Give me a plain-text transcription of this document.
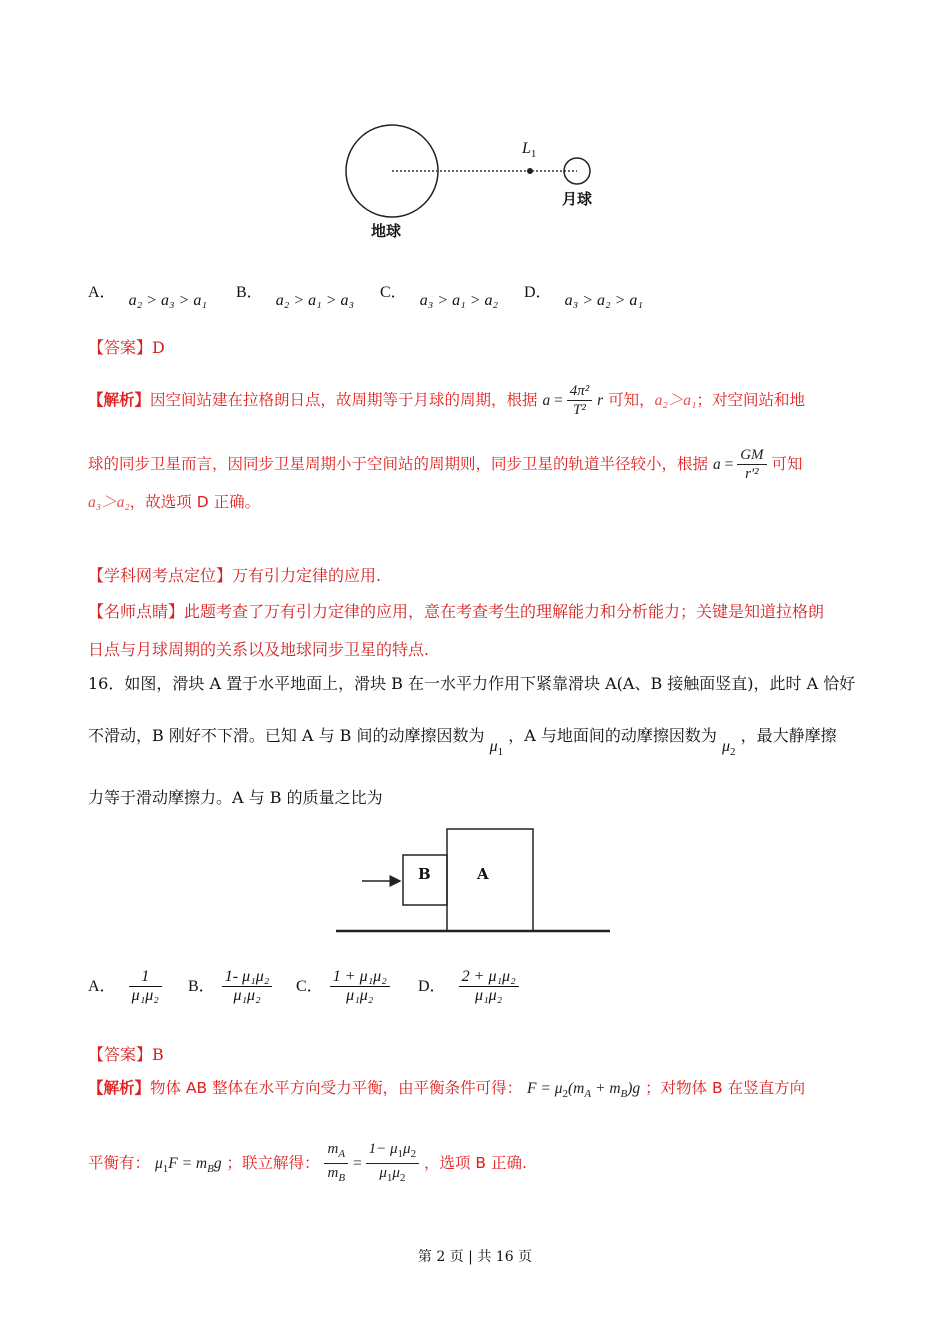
$L_1$
月球
地球
A． a₂ > a₃ > a₁ B． a₂ > a₁ > a₃ C． a₃ > a₁ > a₂ D． a₃ > a₂ > a₁
【答案】D
【解析】因空间站建在拉格朗日点，故周期等于月球的周期，根据 $a = \frac{\text{4π²}}{\text{T²}}$ r 可知，a₂＞a₁；对空间站和地
球的同步卫星而言，因同步卫星周期小于空间站的周期则，同步卫星的轨道半径较小，根据 $a = \frac{GM}{\text{r'²}}$ 可知
a₃＞a₂，故选项 D 正确。
【学科网考点定位】万有引力定律的应用.
【名师点睛】此题考查了万有引力定律的应用，意在考查考生的理解能力和分析能力；关键是知道拉格朗
日点与月球周期的关系以及地球同步卫星的特点.
16．如图，滑块 A 置于水平地面上，滑块 B 在一水平力作用下紧靠滑块 A(A、B 接触面竖直)，此时 A 恰好
不滑动，B 刚好不下滑。已知 A 与 B 间的动摩擦因数为 $\mu_1$ ，A 与地面间的动摩擦因数为 $\mu_2$ ，最大静摩擦
力等于滑动摩擦力。A 与 B 的质量之比为
B	A
A． $\frac{1}{\text{μ₁μ₂}}$ B． $\frac{\text{1- μ₁μ₂}}{\text{μ₁μ₂}}$ C． $\frac{\text{1 + μ₁μ₂}}{\text{μ₁μ₂}}$ D． $\frac{\text{2 + μ₁μ₂}}{\text{μ₁μ₂}}$
【答案】B
【解析】物体 AB 整体在水平方向受力平衡，由平衡条件可得： $F = \mu_2(m_A + m_B)g$ ；对物体 B 在竖直方向
平衡有： $\mu_1F = m_Bg$ ；联立解得： $\frac{m_A}{m_B} = \frac{1- \mu_1\mu_2}{\mu_1\mu_2}$ ，选项 B 正确.
第 2 页 | 共 16 页
